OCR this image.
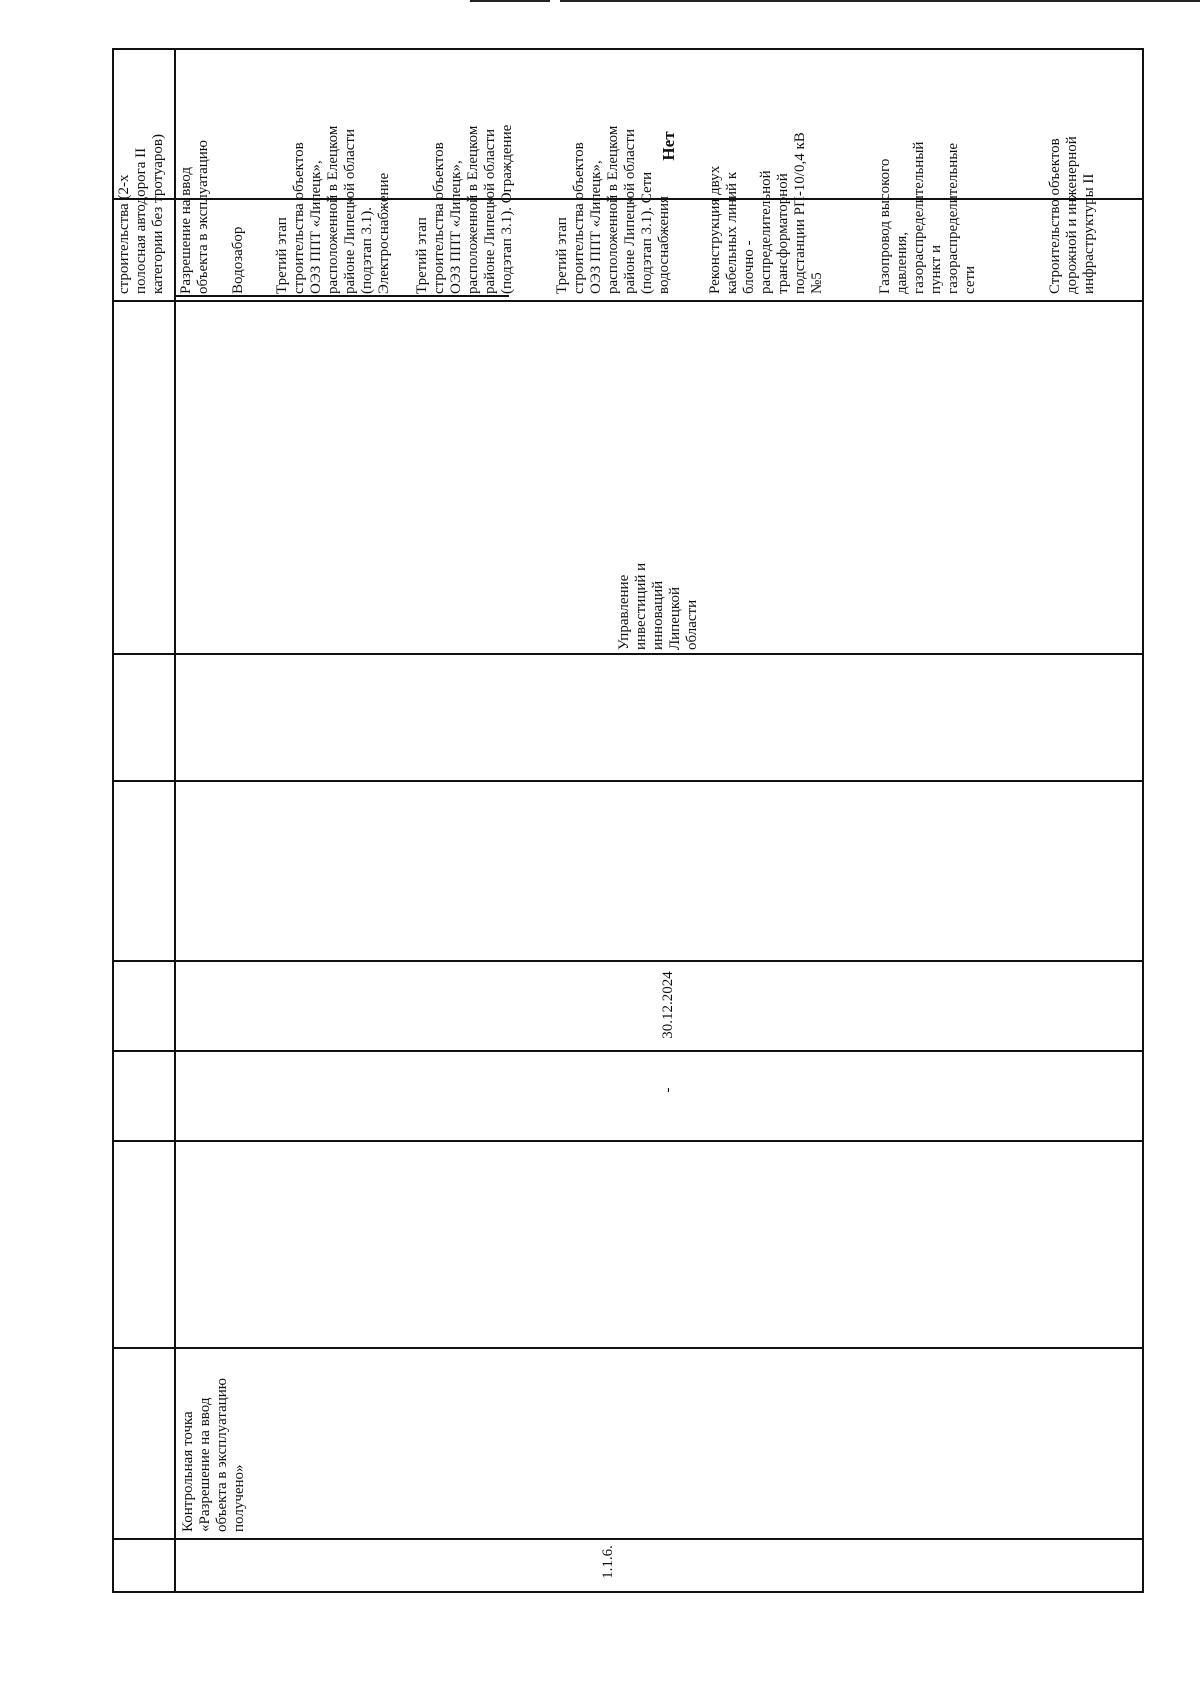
1.1.6.
Контрольная точка
«Разрешение на ввод
объекта в эксплуатацию
получено»
-
30.12.2024
Управление
инвестиций и
инноваций
Липецкой
области
строительства (2-х
полосная автодорога II
категории без тротуаров)
Разрешение на ввод
объекта в эксплуатацию
Водозабор Третий этап
строительства объектов
ОЭЗ ППТ «Липецк»,
расположенной в Елецком
районе Липецкой области
(подэтап 3.1).
Электроснабжение Третий этап
строительства объектов
ОЭЗ ППТ «Липецк»,
расположенной в Елецком
районе Липецкой области
(подэтап 3.1). Ограждение
Третий этап
строительства объектов
ОЭЗ ППТ «Липецк»,
расположенной в Елецком
районе Липецкой области
(подэтап 3.1). Сети
водоснабжения Реконструкция двух
кабельных линий к
блочно -
распределительной
трансформаторной
подстанции РП-10/0,4 кВ
№5	Газопровод высокого
давления,
газораспределительный
пункт и
газораспределительные
сети	Строительство объектов
дорожной и инженерной
инфраструктуры II
Нет
